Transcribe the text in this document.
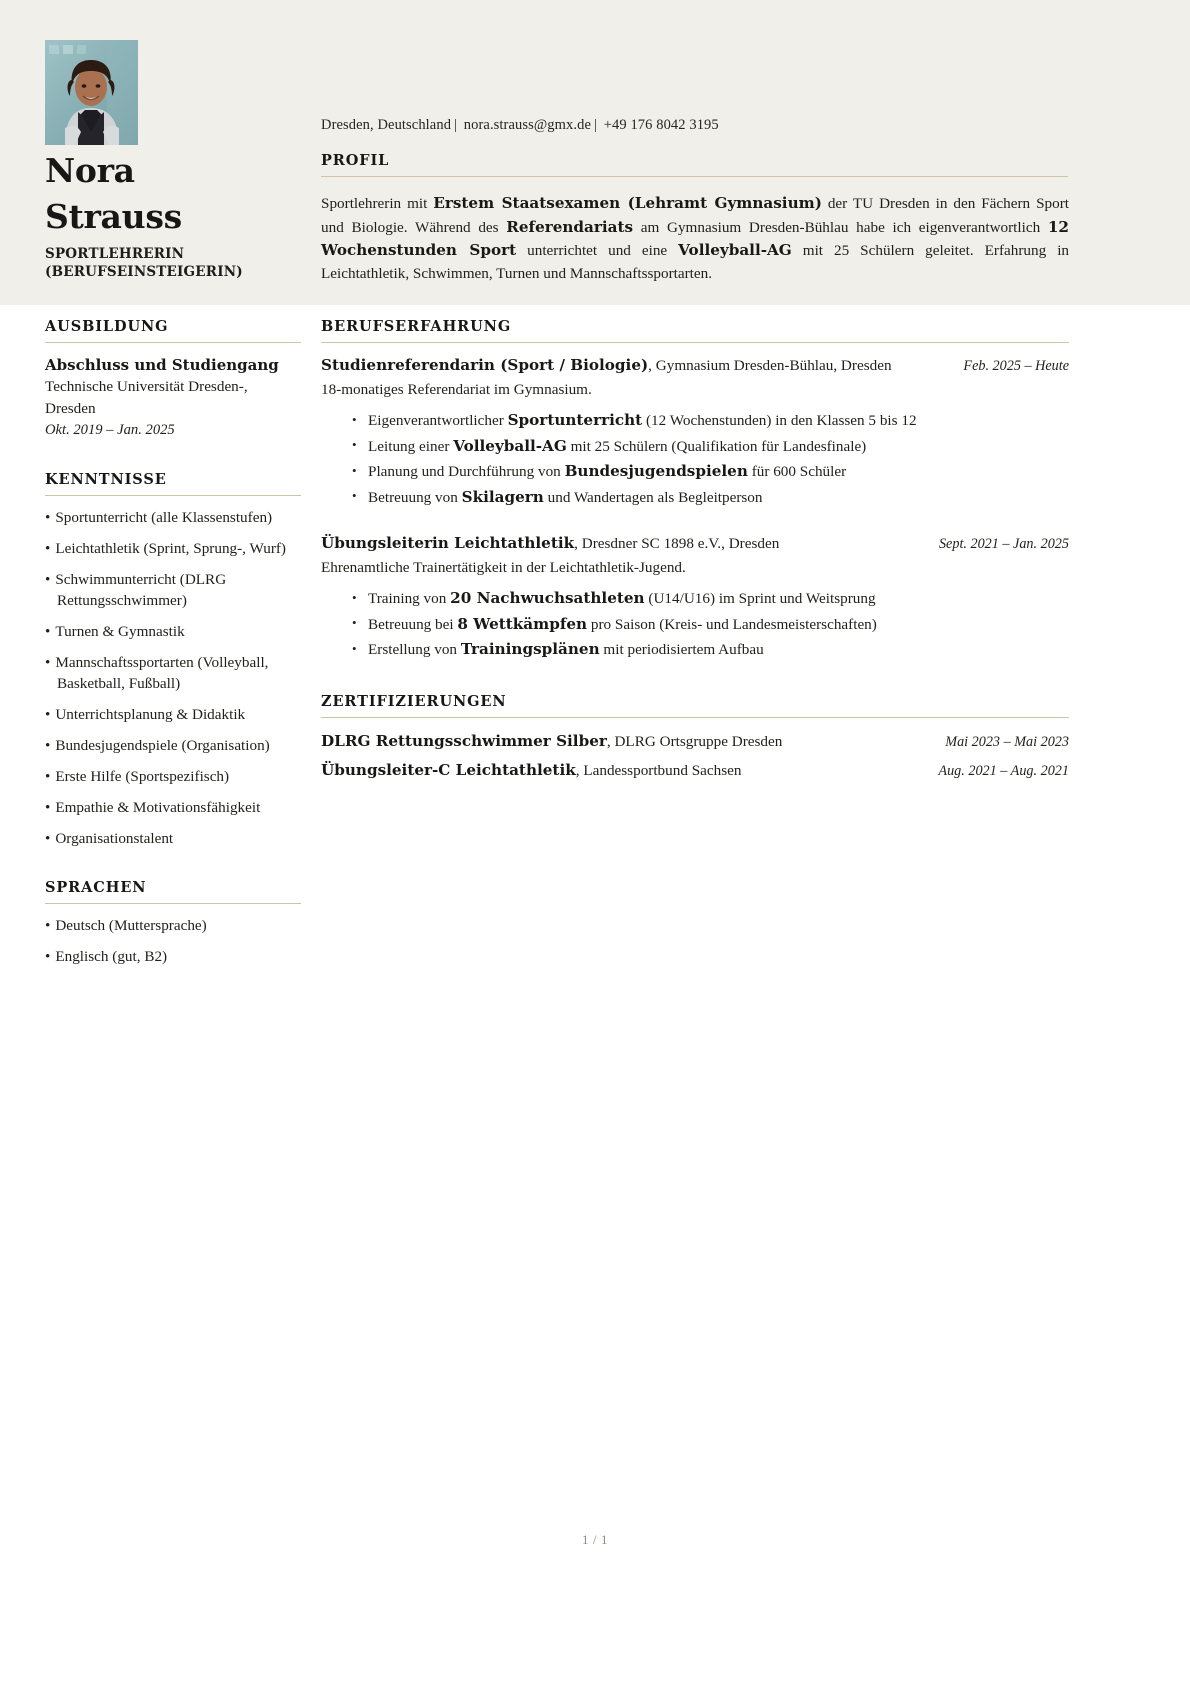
Nora
Strauss
SPORTLEHRERIN (BERUFSEINSTEIGERIN)
Dresden, Deutschland | nora.strauss@gmx.de | +49 176 8042 3195
PROFIL
Sportlehrerin mit Erstem Staatsexamen (Lehramt Gymnasium) der TU Dresden in den Fächern Sport und Biologie. Während des Referendariats am Gymnasium Dresden-Bühlau habe ich eigenverantwortlich 12 Wochenstunden Sport unterrichtet und eine Volleyball-AG mit 25 Schülern geleitet. Erfahrung in Leichtathletik, Schwimmen, Turnen und Mannschaftssportarten.
AUSBILDUNG
Abschluss und Studiengang
Technische Universität Dresden-, Dresden
Okt. 2019 – Jan. 2025
KENNTNISSE
• Sportunterricht (alle Klassenstufen)
• Leichtathletik (Sprint, Sprung-, Wurf)
• Schwimmunterricht (DLRG Rettungsschwimmer)
• Turnen & Gymnastik
• Mannschaftssportarten (Volleyball, Basketball, Fußball)
• Unterrichtsplanung & Didaktik
• Bundesjugendspiele (Organisation)
• Erste Hilfe (Sportspezifisch)
• Empathie & Motivationsfähigkeit
• Organisationstalent
SPRACHEN
• Deutsch (Muttersprache)
• Englisch (gut, B2)
BERUFSERFAHRUNG
Studienreferendarin (Sport / Biologie), Gymnasium Dresden-Bühlau, Dresden	Feb. 2025 – Heute
18-monatiges Referendariat im Gymnasium.
• Eigenverantwortlicher Sportunterricht (12 Wochenstunden) in den Klassen 5 bis 12
• Leitung einer Volleyball-AG mit 25 Schülern (Qualifikation für Landesfinale)
• Planung und Durchführung von Bundesjugendspielen für 600 Schüler
• Betreuung von Skilagern und Wandertagen als Begleitperson
Übungsleiterin Leichtathletik, Dresdner SC 1898 e.V., Dresden	Sept. 2021 – Jan. 2025
Ehrenamtliche Trainertätigkeit in der Leichtathletik-Jugend.
• Training von 20 Nachwuchsathleten (U14/U16) im Sprint und Weitsprung
• Betreuung bei 8 Wettkämpfen pro Saison (Kreis- und Landesmeisterschaften)
• Erstellung von Trainingsplänen mit periodisiertem Aufbau
ZERTIFIZIERUNGEN
DLRG Rettungsschwimmer Silber, DLRG Ortsgruppe Dresden	Mai 2023 – Mai 2023
Übungsleiter-C Leichtathletik, Landessportbund Sachsen	Aug. 2021 – Aug. 2021
1 / 1
